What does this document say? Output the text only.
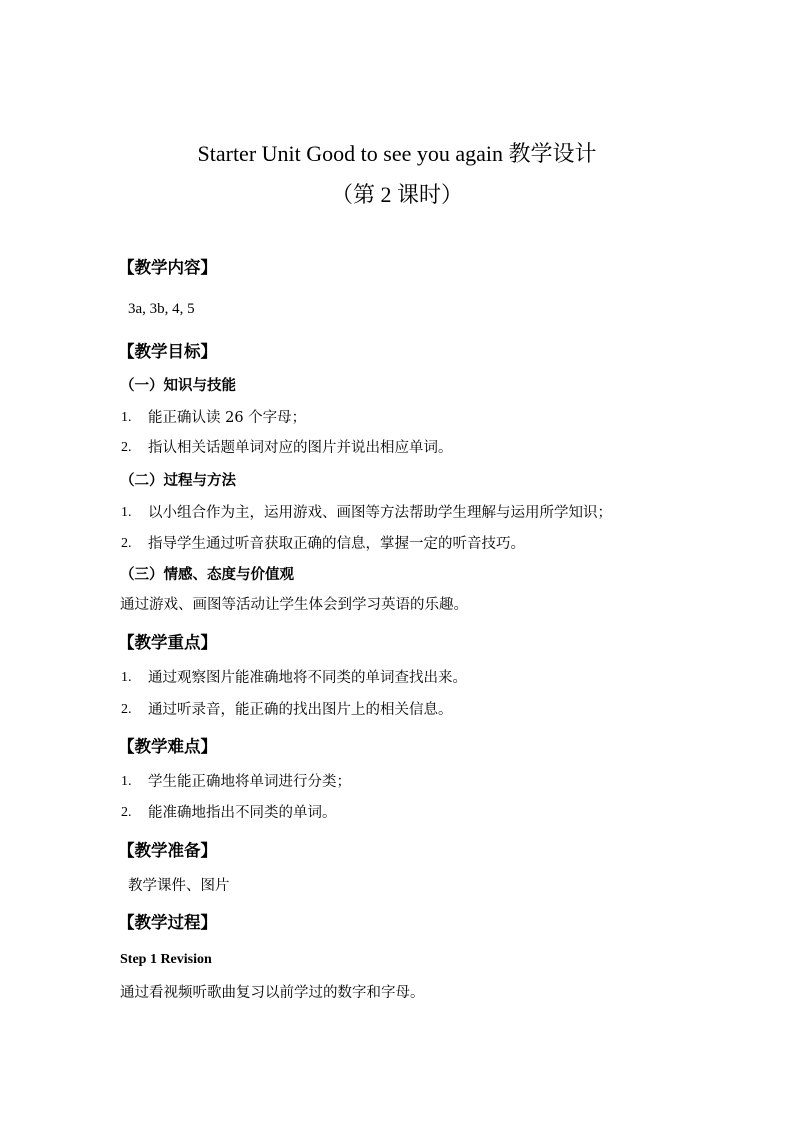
Starter Unit Good to see you again 教学设计
（第 2 课时）
【教学内容】
3a, 3b, 4, 5
【教学目标】
（一）知识与技能
1. 能正确认读 26 个字母；
2. 指认相关话题单词对应的图片并说出相应单词。
（二）过程与方法
1. 以小组合作为主，运用游戏、画图等方法帮助学生理解与运用所学知识；
2. 指导学生通过听音获取正确的信息，掌握一定的听音技巧。
（三）情感、态度与价值观
通过游戏、画图等活动让学生体会到学习英语的乐趣。
【教学重点】
1. 通过观察图片能准确地将不同类的单词查找出来。
2. 通过听录音，能正确的找出图片上的相关信息。
【教学难点】
1. 学生能正确地将单词进行分类；
2. 能准确地指出不同类的单词。
【教学准备】
教学课件、图片
【教学过程】
Step 1 Revision
通过看视频听歌曲复习以前学过的数字和字母。
